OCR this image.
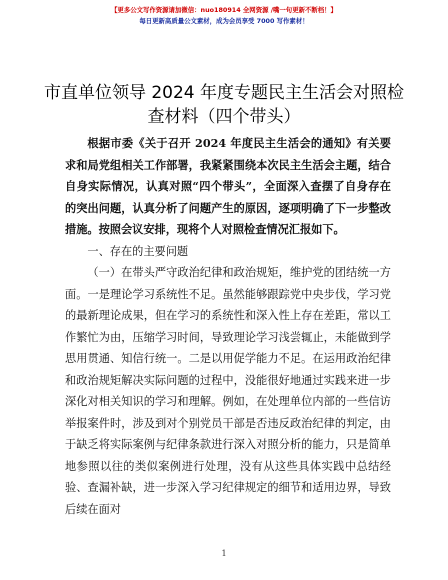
【更多公文写作资源请加微信：nuo180914 全网资源 /嘴一句更新不断档！】
每日更新高质量公文素材，成为会员享受 7000 写作素材！
市直单位领导 2024 年度专题民主生活会对照检查材料（四个带头）

根据市委《关于召开 2024 年度民主生活会的通知》有关要求和局党组相关工作部署，我紧紧围绕本次民主生活会主题，结合自身实际情况，认真对照“四个带头”，全面深入查摆了自身存在的突出问题，认真分析了问题产生的原因，逐项明确了下一步整改措施。按照会议安排，现将个人对照检查情况汇报如下。

一、存在的主要问题

（一）在带头严守政治纪律和政治规矩，维护党的团结统一方面。一是理论学习系统性不足。虽然能够跟踪党中央步伐，学习党的最新理论成果，但在学习的系统性和深入性上存在差距，常以工作繁忙为由，压缩学习时间，导致理论学习浅尝辄止，未能做到学思用贯通、知信行统一。二是以用促学能力不足。在运用政治纪律和政治规矩解决实际问题的过程中，没能很好地通过实践来进一步深化对相关知识的学习和理解。例如，在处理单位内部的一些信访举报案件时，涉及到对个别党员干部是否违反政治纪律的判定，由于缺乏将实际案例与纪律条款进行深入对照分析的能力，只是简单地参照以往的类似案例进行处理，没有从这些具体实践中总结经验、查漏补缺，进一步深入学习纪律规定的细节和适用边界，导致后续在面对

1
